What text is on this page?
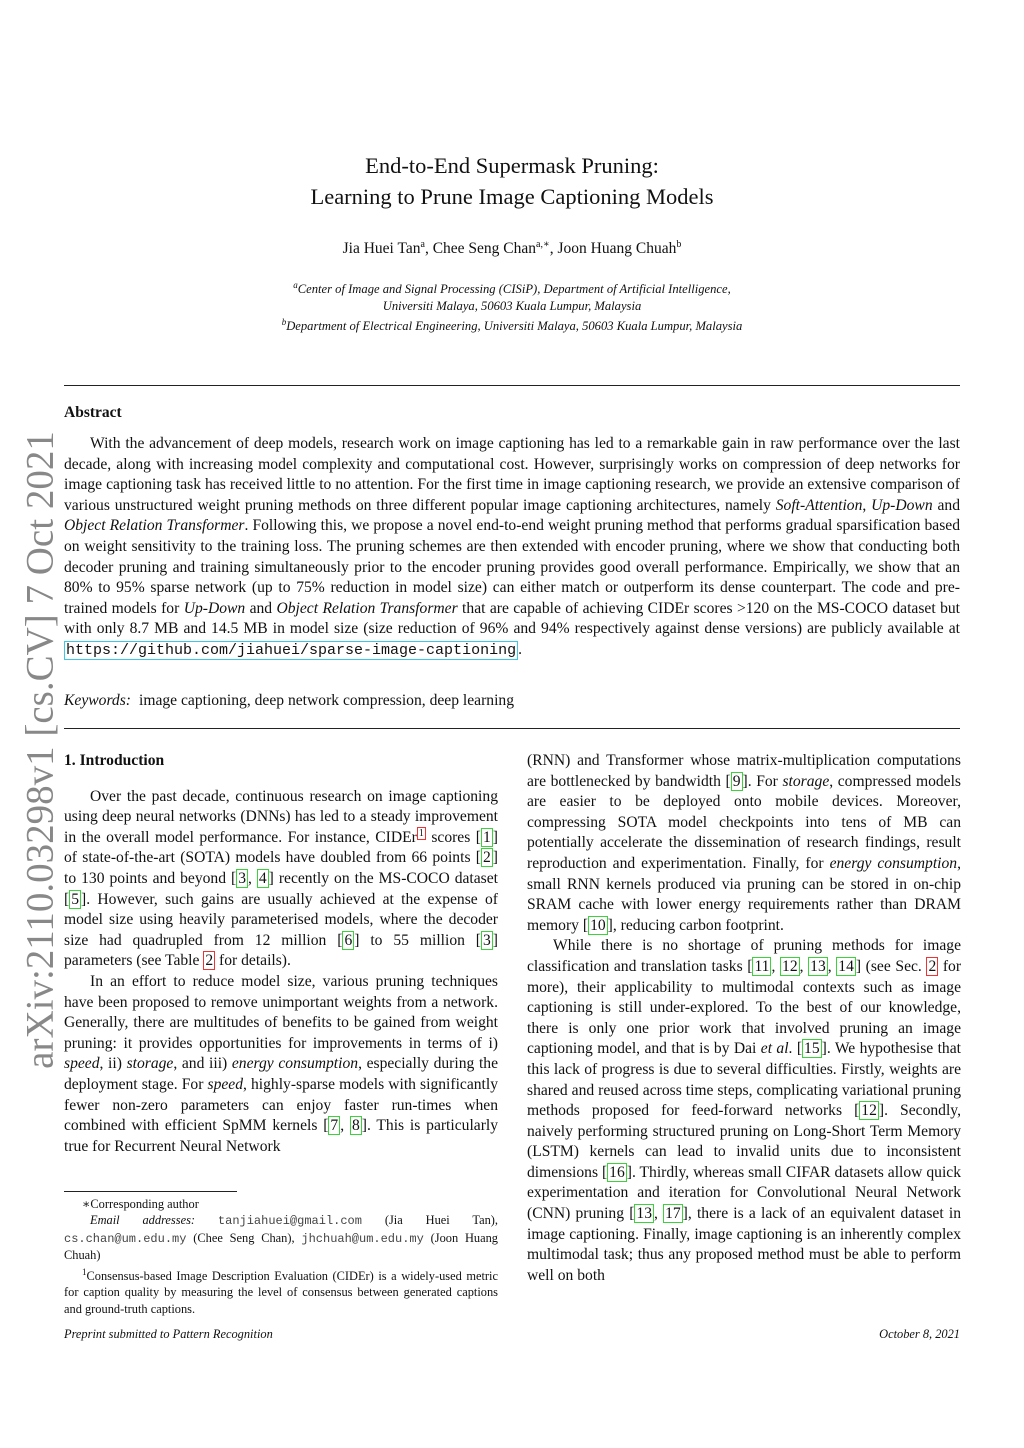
End-to-End Supermask Pruning:
Learning to Prune Image Captioning Models
Jia Huei Tan$^a$, Chee Seng Chan$^{a,∗}$, Joon Huang Chuah$^b$
$^a$Center of Image and Signal Processing (CISiP), Department of Artificial Intelligence,
Universiti Malaya, 50603 Kuala Lumpur, Malaysia
$^b$Department of Electrical Engineering, Universiti Malaya, 50603 Kuala Lumpur, Malaysia
Abstract

With the advancement of deep models, research work on image captioning has led to a remarkable gain in raw performance over the last decade, along with increasing model complexity and computational cost. However, surprisingly works on compression of deep networks for image captioning task has received little to no attention. For the first time in image captioning research, we provide an extensive comparison of various unstructured weight pruning methods on three different popular image captioning architectures, namely Soft-Attention, Up-Down and Object Relation Transformer. Following this, we propose a novel end-to-end weight pruning method that performs gradual sparsification based on weight sensitivity to the training loss. The pruning schemes are then extended with encoder pruning, where we show that conducting both decoder pruning and training simultaneously prior to the encoder pruning provides good overall performance. Empirically, we show that an 80% to 95% sparse network (up to 75% reduction in model size) can either match or outperform its dense counterpart. The code and pre-trained models for Up-Down and Object Relation Transformer that are capable of achieving CIDEr scores >120 on the MS-COCO dataset but with only 8.7 MB and 14.5 MB in model size (size reduction of 96% and 94% respectively against dense versions) are publicly available at https://github.com/jiahuei/sparse-image-captioning .

Keywords: image captioning, deep network compression, deep learning

1. Introduction

Over the past decade, continuous research on image captioning using deep neural networks (DNNs) has led to a steady improvement in the overall model performance. For instance, CIDEr $^1$ scores [ 1 ] of state-of-the-art (SOTA) models have doubled from 66 points [ 2 ] to 130 points and beyond [ 3 , 4 ] recently on the MS-COCO dataset [ 5 ]. However, such gains are usually achieved at the expense of model size using heavily parameterised models, where the decoder size had quadrupled from 12 million [ 6 ] to 55 million [ 3 ] parameters (see Table 2 for details).

In an effort to reduce model size, various pruning techniques have been proposed to remove unimportant weights from a network. Generally, there are multitudes of benefits to be gained from weight pruning: it provides opportunities for improvements in terms of i) speed, ii) storage, and iii) energy consumption, especially during the deployment stage. For speed, highly-sparse models with significantly fewer non-zero parameters can enjoy faster run-times when combined with efficient SpMM kernels [ 7 , 8 ]. This is particularly true for Recurrent Neural Network

(RNN) and Transformer whose matrix-multiplication computations are bottlenecked by bandwidth [ 9 ]. For storage, compressed models are easier to be deployed onto mobile devices. Moreover, compressing SOTA model checkpoints into tens of MB can potentially accelerate the dissemination of research findings, result reproduction and experimentation. Finally, for energy consumption, small RNN kernels produced via pruning can be stored in on-chip SRAM cache with lower energy requirements rather than DRAM memory [ 10 ], reducing carbon footprint.

While there is no shortage of pruning methods for image classification and translation tasks [ 11 , 12 , 13 , 14 ] (see Sec. 2 for more), their applicability to multimodal contexts such as image captioning is still under-explored. To the best of our knowledge, there is only one prior work that involved pruning an image captioning model, and that is by Dai et al. [ 15 ]. We hypothesise that this lack of progress is due to several difficulties. Firstly, weights are shared and reused across time steps, complicating variational pruning methods proposed for feed-forward networks [ 12 ]. Secondly, naively performing structured pruning on Long-Short Term Memory (LSTM) kernels can lead to invalid units due to inconsistent dimensions [ 16 ]. Thirdly, whereas small CIFAR datasets allow quick experimentation and iteration for Convolutional Neural Network (CNN) pruning [ 13 , 17 ], there is a lack of an equivalent dataset in image captioning. Finally, image captioning is an inherently complex multimodal task; thus any proposed method must be able to perform well on both

∗Corresponding author

Email addresses: tanjiahuei@gmail.com (Jia Huei Tan), cs.chan@um.edu.my (Chee Seng Chan), jhchuah@um.edu.my (Joon Huang Chuah)

$^1$Consensus-based Image Description Evaluation (CIDEr) is a widely-used metric for caption quality by measuring the level of consensus between generated captions and ground-truth captions.

Preprint submitted to Pattern Recognition	October 8, 2021
arXiv:2110.03298v1 [cs.CV] 7 Oct 2021
